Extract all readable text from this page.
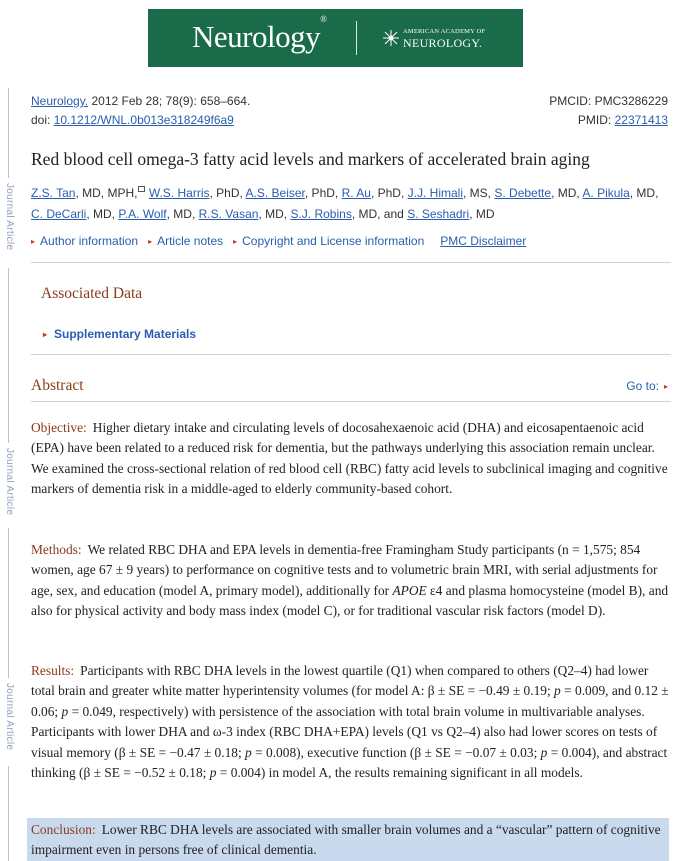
Neurology®
AMERICAN ACADEMY OF
NEUROLOGY.
Journal Article
Journal Article
Journal Article
Neurology. 2012 Feb 28; 78(9): 658–664.
doi: 10.1212/WNL.0b013e318249f6a9
PMCID: PMC3286229
PMID: 22371413
Red blood cell omega-3 fatty acid levels and markers of accelerated brain aging
Z.S. Tan, MD, MPH, W.S. Harris, PhD, A.S. Beiser, PhD, R. Au, PhD, J.J. Himali, MS, S. Debette, MD, A. Pikula, MD,
C. DeCarli, MD, P.A. Wolf, MD, R.S. Vasan, MD, S.J. Robins, MD, and S. Seshadri, MD
▸ Author information ▸ Article notes ▸ Copyright and License information PMC Disclaimer
Associated Data
▸ Supplementary Materials
Abstract	Go to: ▸
Objective: Higher dietary intake and circulating levels of docosahexaenoic acid (DHA) and eicosapentaenoic acid (EPA) have been related to a reduced risk for dementia, but the pathways underlying this association remain unclear. We examined the cross-sectional relation of red blood cell (RBC) fatty acid levels to subclinical imaging and cognitive markers of dementia risk in a middle-aged to elderly community-based cohort.
Methods: We related RBC DHA and EPA levels in dementia-free Framingham Study participants (n = 1,575; 854 women, age 67 ± 9 years) to performance on cognitive tests and to volumetric brain MRI, with serial adjustments for age, sex, and education (model A, primary model), additionally for APOE ε4 and plasma homocysteine (model B), and also for physical activity and body mass index (model C), or for traditional vascular risk factors (model D).
Results: Participants with RBC DHA levels in the lowest quartile (Q1) when compared to others (Q2–4) had lower total brain and greater white matter hyperintensity volumes (for model A: β ± SE = −0.49 ± 0.19; p = 0.009, and 0.12 ± 0.06; p = 0.049, respectively) with persistence of the association with total brain volume in multivariable analyses. Participants with lower DHA and ω-3 index (RBC DHA+EPA) levels (Q1 vs Q2–4) also had lower scores on tests of visual memory (β ± SE = −0.47 ± 0.18; p = 0.008), executive function (β ± SE = −0.07 ± 0.03; p = 0.004), and abstract thinking (β ± SE = −0.52 ± 0.18; p = 0.004) in model A, the results remaining significant in all models.
Conclusion: Lower RBC DHA levels are associated with smaller brain volumes and a “vascular” pattern of cognitive impairment even in persons free of clinical dementia.
